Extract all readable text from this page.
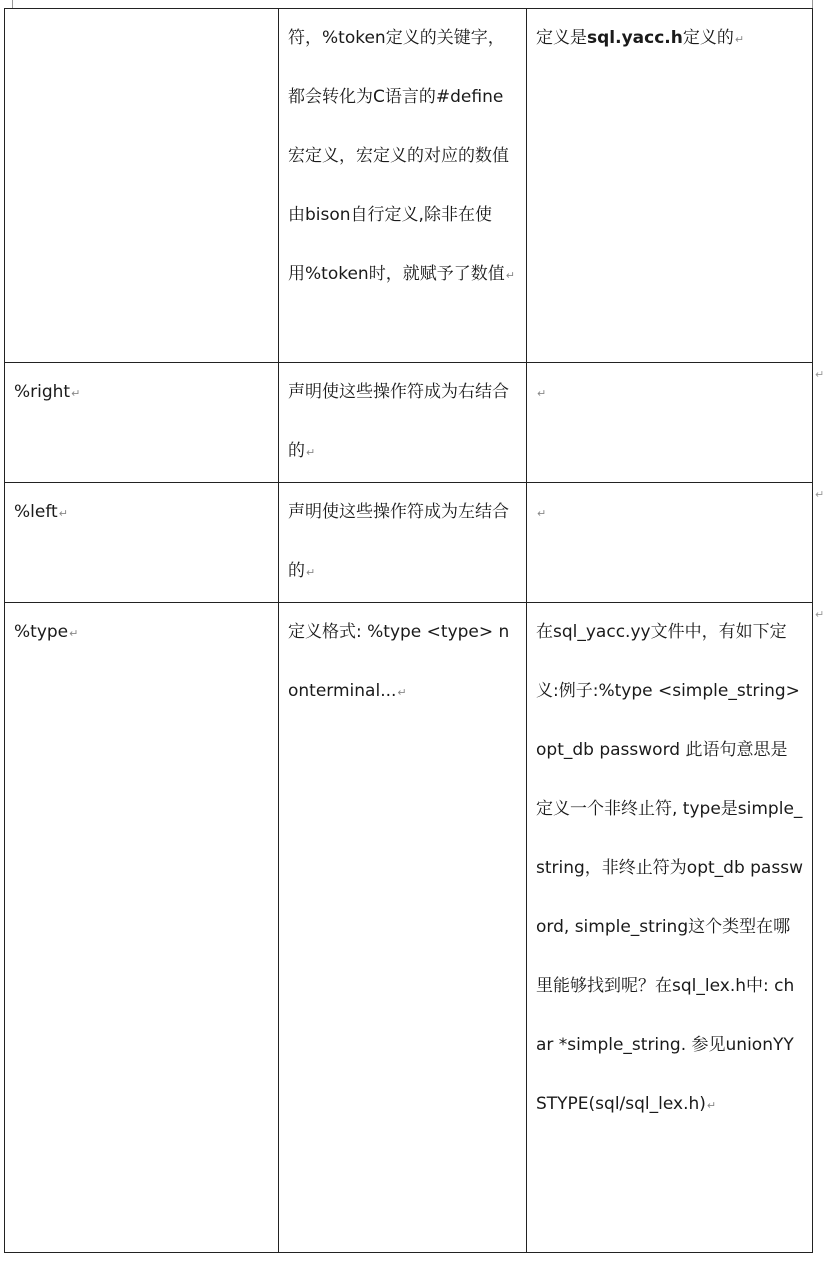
	符，%token定义的关键字，都会转化为C语言的#define宏定义，宏定义的对应的数值由bison自行定义,除非在使用%token时，就赋予了数值↵	定义是sql.yacc.h定义的↵
%right↵	声明使这些操作符成为右结合的↵	↵
%left↵	声明使这些操作符成为左结合的↵	↵
%type↵	定义格式: %type <type> nonterminal...↵	在sql_yacc.yy文件中，有如下定义:例子:%type <simple_string>opt_db password 此语句意思是定义一个非终止符, type是simple_string，非终止符为opt_db password, simple_string这个类型在哪里能够找到呢？在sql_lex.h中: char *simple_string. 参见unionYYSTYPE(sql/sql_lex.h)↵
↵
↵
↵
